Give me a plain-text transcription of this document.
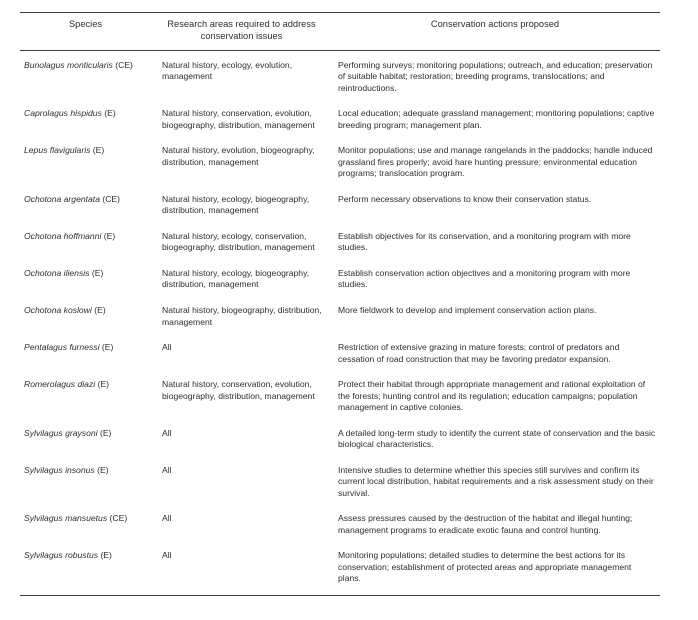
Species	Research areas required to address conservation issues	Conservation actions proposed
Bunolagus monticularis (CE)	Natural history, ecology, evolution, management	Performing surveys; monitoring populations; outreach, and education; preservation of suitable habitat; restoration; breeding programs, translocations; and reintroductions.
Caprolagus hispidus (E)	Natural history, conservation, evolution, biogeography, distribution, management	Local education; adequate grassland management; monitoring populations; captive breeding program; management plan.
Lepus flavigularis (E)	Natural history, evolution, biogeography, distribution, management	Monitor populations; use and manage rangelands in the paddocks; handle induced grassland fires properly; avoid hare hunting pressure; environmental education programs; translocation program.
Ochotona argentata (CE)	Natural history, ecology, biogeography, distribution, management	Perform necessary observations to know their conservation status.
Ochotona hoffmanni (E)	Natural history, ecology, conservation, biogeography, distribution, management	Establish objectives for its conservation, and a monitoring program with more studies.
Ochotona iliensis (E)	Natural history, ecology, biogeography, distribution, management	Establish conservation action objectives and a monitoring program with more studies.
Ochotona koslowi (E)	Natural history, biogeography, distribution, management	More fieldwork to develop and implement conservation action plans.
Pentalagus furnessi (E)	All	Restriction of extensive grazing in mature forests; control of predators and cessation of road construction that may be favoring predator expansion.
Romerolagus diazi (E)	Natural history, conservation, evolution, biogeography, distribution, management	Protect their habitat through appropriate management and rational exploitation of the forests; hunting control and its regulation; education campaigns; population management in captive colonies.
Sylvilagus graysoni (E)	All	A detailed long-term study to identify the current state of conservation and the basic biological characteristics.
Sylvilagus insonus (E)	All	Intensive studies to determine whether this species still survives and confirm its current local distribution, habitat requirements and a risk assessment study on their survival.
Sylvilagus mansuetus (CE)	All	Assess pressures caused by the destruction of the habitat and illegal hunting; management programs to eradicate exotic fauna and control hunting.
Sylvilagus robustus (E)	All	Monitoring populations; detailed studies to determine the best actions for its conservation; establishment of protected areas and appropriate management plans.
